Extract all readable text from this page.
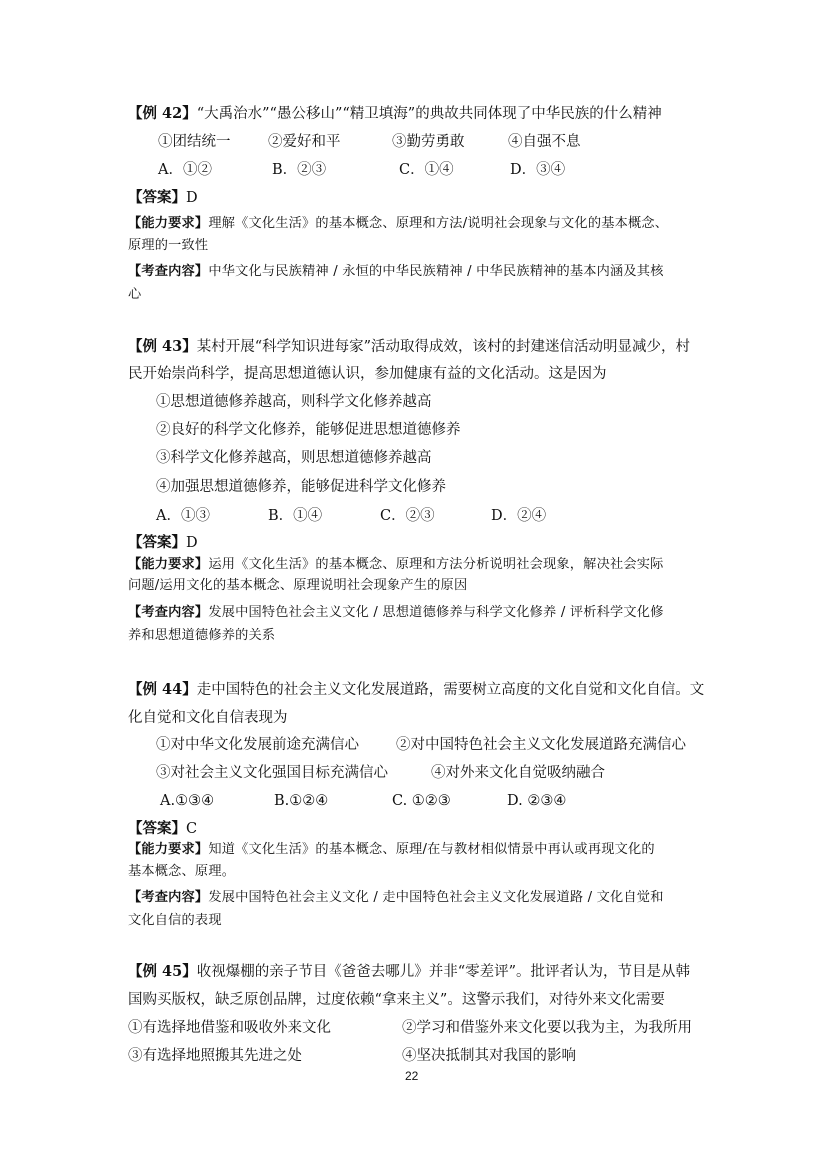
【例 42】“大禹治水”“愚公移山”“精卫填海”的典故共同体现了中华民族的什么精神
①团结统一	②爱好和平	③勤劳勇敢	④自强不息
A．①②	B．②③	C．①④	D．③④
【答案】D
【能力要求】理解《文化生活》的基本概念、原理和方法/说明社会现象与文化的基本概念、
原理的一致性
【考查内容】中华文化与民族精神 / 永恒的中华民族精神 / 中华民族精神的基本内涵及其核
心
【例 43】某村开展“科学知识进每家”活动取得成效，该村的封建迷信活动明显减少，村
民开始崇尚科学，提高思想道德认识，参加健康有益的文化活动。这是因为
①思想道德修养越高，则科学文化修养越高
②良好的科学文化修养，能够促进思想道德修养
③科学文化修养越高，则思想道德修养越高
④加强思想道德修养，能够促进科学文化修养
A．①③	B．①④	C．②③	D．②④
【答案】D
【能力要求】运用《文化生活》的基本概念、原理和方法分析说明社会现象，解决社会实际
问题/运用文化的基本概念、原理说明社会现象产生的原因
【考查内容】发展中国特色社会主义文化 / 思想道德修养与科学文化修养 / 评析科学文化修
养和思想道德修养的关系
【例 44】走中国特色的社会主义文化发展道路，需要树立高度的文化自觉和文化自信。文
化自觉和文化自信表现为
①对中华文化发展前途充满信心	②对中国特色社会主义文化发展道路充满信心
③对社会主义文化强国目标充满信心	④对外来文化自觉吸纳融合
A.①③④	B.①②④	C. ①②③	D. ②③④
【答案】C
【能力要求】知道《文化生活》的基本概念、原理/在与教材相似情景中再认或再现文化的
基本概念、原理。
【考查内容】发展中国特色社会主义文化 / 走中国特色社会主义文化发展道路 / 文化自觉和
文化自信的表现
【例 45】收视爆棚的亲子节目《爸爸去哪儿》并非“零差评”。批评者认为，节目是从韩
国购买版权，缺乏原创品牌，过度依赖“拿来主义”。这警示我们，对待外来文化需要
①有选择地借鉴和吸收外来文化	②学习和借鉴外来文化要以我为主，为我所用
③有选择地照搬其先进之处	④坚决抵制其对我国的影响
22
